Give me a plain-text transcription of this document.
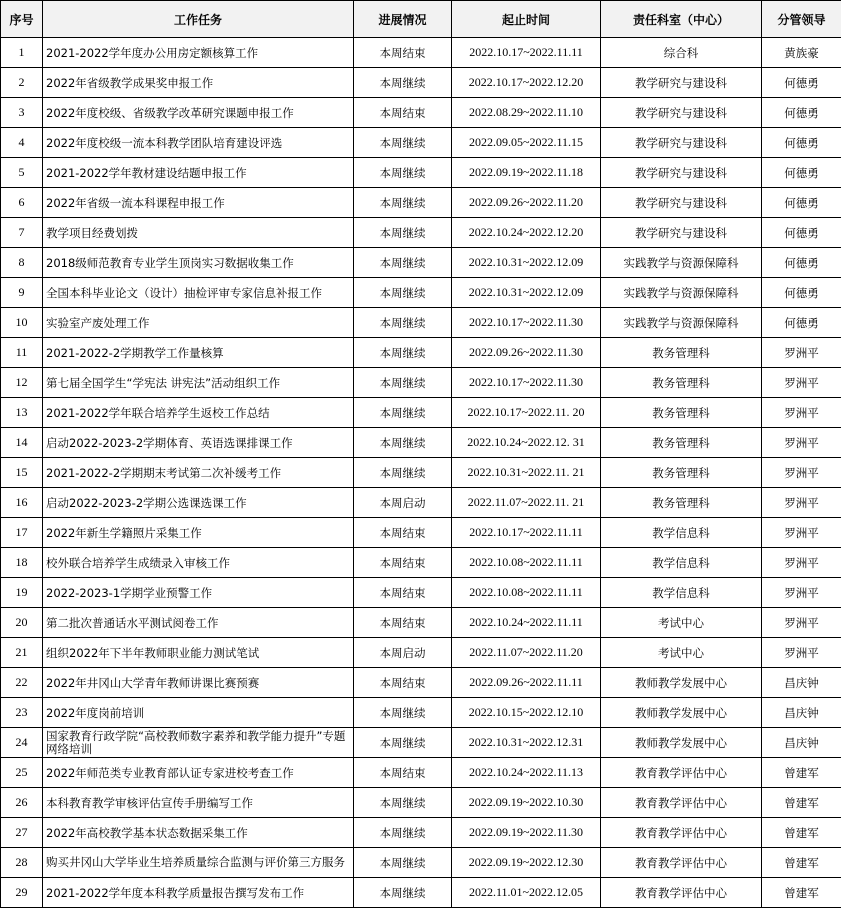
序号	工作任务	进展情况	起止时间	责任科室（中心）	分管领导
1	2021-2022学年度办公用房定额核算工作	本周结束	2022.10.17~2022.11.11	综合科	黄族豪
2	2022年省级教学成果奖申报工作	本周继续	2022.10.17~2022.12.20	教学研究与建设科	何德勇
3	2022年度校级、省级教学改革研究课题申报工作	本周结束	2022.08.29~2022.11.10	教学研究与建设科	何德勇
4	2022年度校级一流本科教学团队培育建设评选	本周继续	2022.09.05~2022.11.15	教学研究与建设科	何德勇
5	2021-2022学年教材建设结题申报工作	本周继续	2022.09.19~2022.11.18	教学研究与建设科	何德勇
6	2022年省级一流本科课程申报工作	本周继续	2022.09.26~2022.11.20	教学研究与建设科	何德勇
7	教学项目经费划拨	本周继续	2022.10.24~2022.12.20	教学研究与建设科	何德勇
8	2018级师范教育专业学生顶岗实习数据收集工作	本周继续	2022.10.31~2022.12.09	实践教学与资源保障科	何德勇
9	全国本科毕业论文（设计）抽检评审专家信息补报工作	本周继续	2022.10.31~2022.12.09	实践教学与资源保障科	何德勇
10	实验室产废处理工作	本周继续	2022.10.17~2022.11.30	实践教学与资源保障科	何德勇
11	2021-2022-2学期教学工作量核算	本周继续	2022.09.26~2022.11.30	教务管理科	罗洲平
12	第七届全国学生“学宪法 讲宪法”活动组织工作	本周继续	2022.10.17~2022.11.30	教务管理科	罗洲平
13	2021-2022学年联合培养学生返校工作总结	本周继续	2022.10.17~2022.11. 20	教务管理科	罗洲平
14	启动2022-2023-2学期体育、英语选课排课工作	本周继续	2022.10.24~2022.12. 31	教务管理科	罗洲平
15	2021-2022-2学期期末考试第二次补缓考工作	本周继续	2022.10.31~2022.11. 21	教务管理科	罗洲平
16	启动2022-2023-2学期公选课选课工作	本周启动	2022.11.07~2022.11. 21	教务管理科	罗洲平
17	2022年新生学籍照片采集工作	本周结束	2022.10.17~2022.11.11	教学信息科	罗洲平
18	校外联合培养学生成绩录入审核工作	本周结束	2022.10.08~2022.11.11	教学信息科	罗洲平
19	2022-2023-1学期学业预警工作	本周结束	2022.10.08~2022.11.11	教学信息科	罗洲平
20	第二批次普通话水平测试阅卷工作	本周结束	2022.10.24~2022.11.11	考试中心	罗洲平
21	组织2022年下半年教师职业能力测试笔试	本周启动	2022.11.07~2022.11.20	考试中心	罗洲平
22	2022年井冈山大学青年教师讲课比赛预赛	本周结束	2022.09.26~2022.11.11	教师教学发展中心	昌庆钟
23	2022年度岗前培训	本周继续	2022.10.15~2022.12.10	教师教学发展中心	昌庆钟
24	国家教育行政学院“高校教师数字素养和教学能力提升”专题网络培训	本周继续	2022.10.31~2022.12.31	教师教学发展中心	昌庆钟
25	2022年师范类专业教育部认证专家进校考查工作	本周结束	2022.10.24~2022.11.13	教育教学评估中心	曾建军
26	本科教育教学审核评估宣传手册编写工作	本周继续	2022.09.19~2022.10.30	教育教学评估中心	曾建军
27	2022年高校教学基本状态数据采集工作	本周继续	2022.09.19~2022.11.30	教育教学评估中心	曾建军
28	购买井冈山大学毕业生培养质量综合监测与评价第三方服务	本周继续	2022.09.19~2022.12.30	教育教学评估中心	曾建军
29	2021-2022学年度本科教学质量报告撰写发布工作	本周继续	2022.11.01~2022.12.05	教育教学评估中心	曾建军
